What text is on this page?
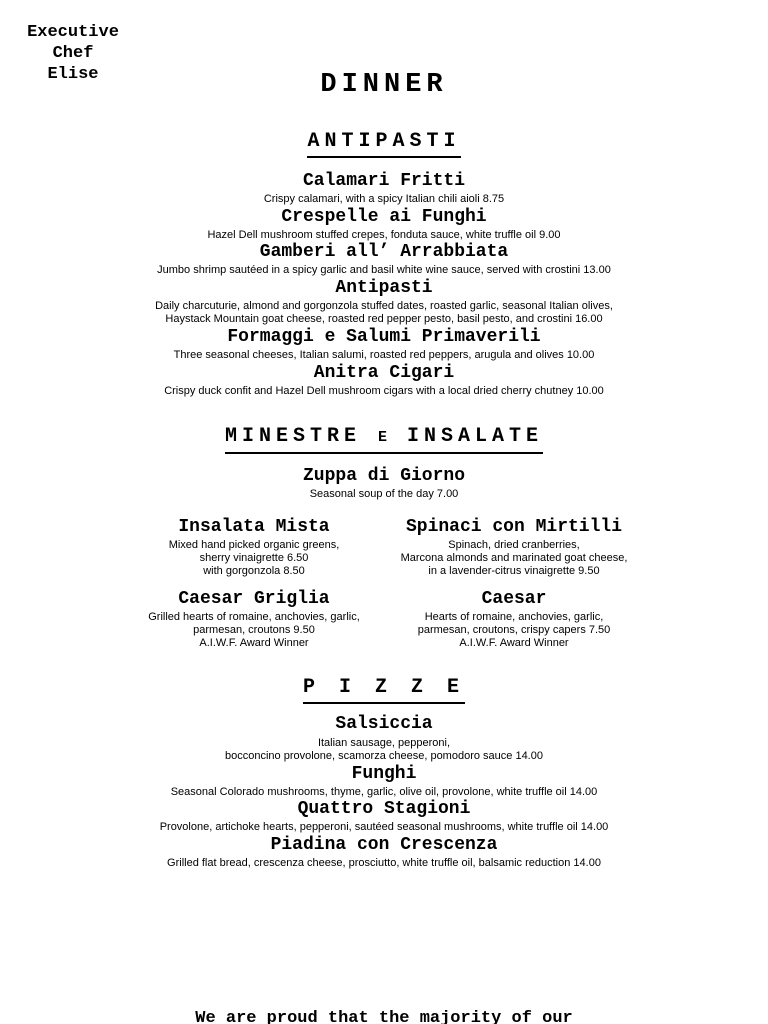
Executive
Chef
Elise	DINNER
ANTIPASTI
Calamari Fritti
Crispy calamari, with a spicy Italian chili aioli 8.75
Crespelle ai Funghi
Hazel Dell mushroom stuffed crepes, fonduta sauce, white truffle oil 9.00
Gamberi all’ Arrabbiata
Jumbo shrimp sautéed in a spicy garlic and basil white wine sauce, served with crostini 13.00
Antipasti
Daily charcuturie, almond and gorgonzola stuffed dates, roasted garlic, seasonal Italian olives,
Haystack Mountain goat cheese, roasted red pepper pesto, basil pesto, and crostini 16.00
Formaggi e Salumi Primaverili
Three seasonal cheeses, Italian salumi, roasted red peppers, arugula and olives 10.00
Anitra Cigari
Crispy duck confit and Hazel Dell mushroom cigars with a local dried cherry chutney 10.00
MINESTRE E INSALATE
Zuppa di Giorno
Seasonal soup of the day 7.00
Insalata Mista
Mixed hand picked organic greens,
sherry vinaigrette 6.50
with gorgonzola 8.50
Spinaci con Mirtilli
Spinach, dried cranberries,
Marcona almonds and marinated goat cheese,
in a lavender-citrus vinaigrette 9.50
Caesar Griglia
Grilled hearts of romaine, anchovies, garlic,
parmesan, croutons 9.50
A.I.W.F. Award Winner
Caesar
Hearts of romaine, anchovies, garlic,
parmesan, croutons, crispy capers 7.50
A.I.W.F. Award Winner
P I Z Z E
Salsiccia
Italian sausage, pepperoni,
bocconcino provolone, scamorza cheese, pomodoro sauce 14.00
Funghi
Seasonal Colorado mushrooms, thyme, garlic, olive oil, provolone, white truffle oil 14.00
Quattro Stagioni
Provolone, artichoke hearts, pepperoni, sautéed seasonal mushrooms, white truffle oil 14.00
Piadina con Crescenza
Grilled flat bread, crescenza cheese, prosciutto, white truffle oil, balsamic reduction 14.00
We are proud that the majority of our
